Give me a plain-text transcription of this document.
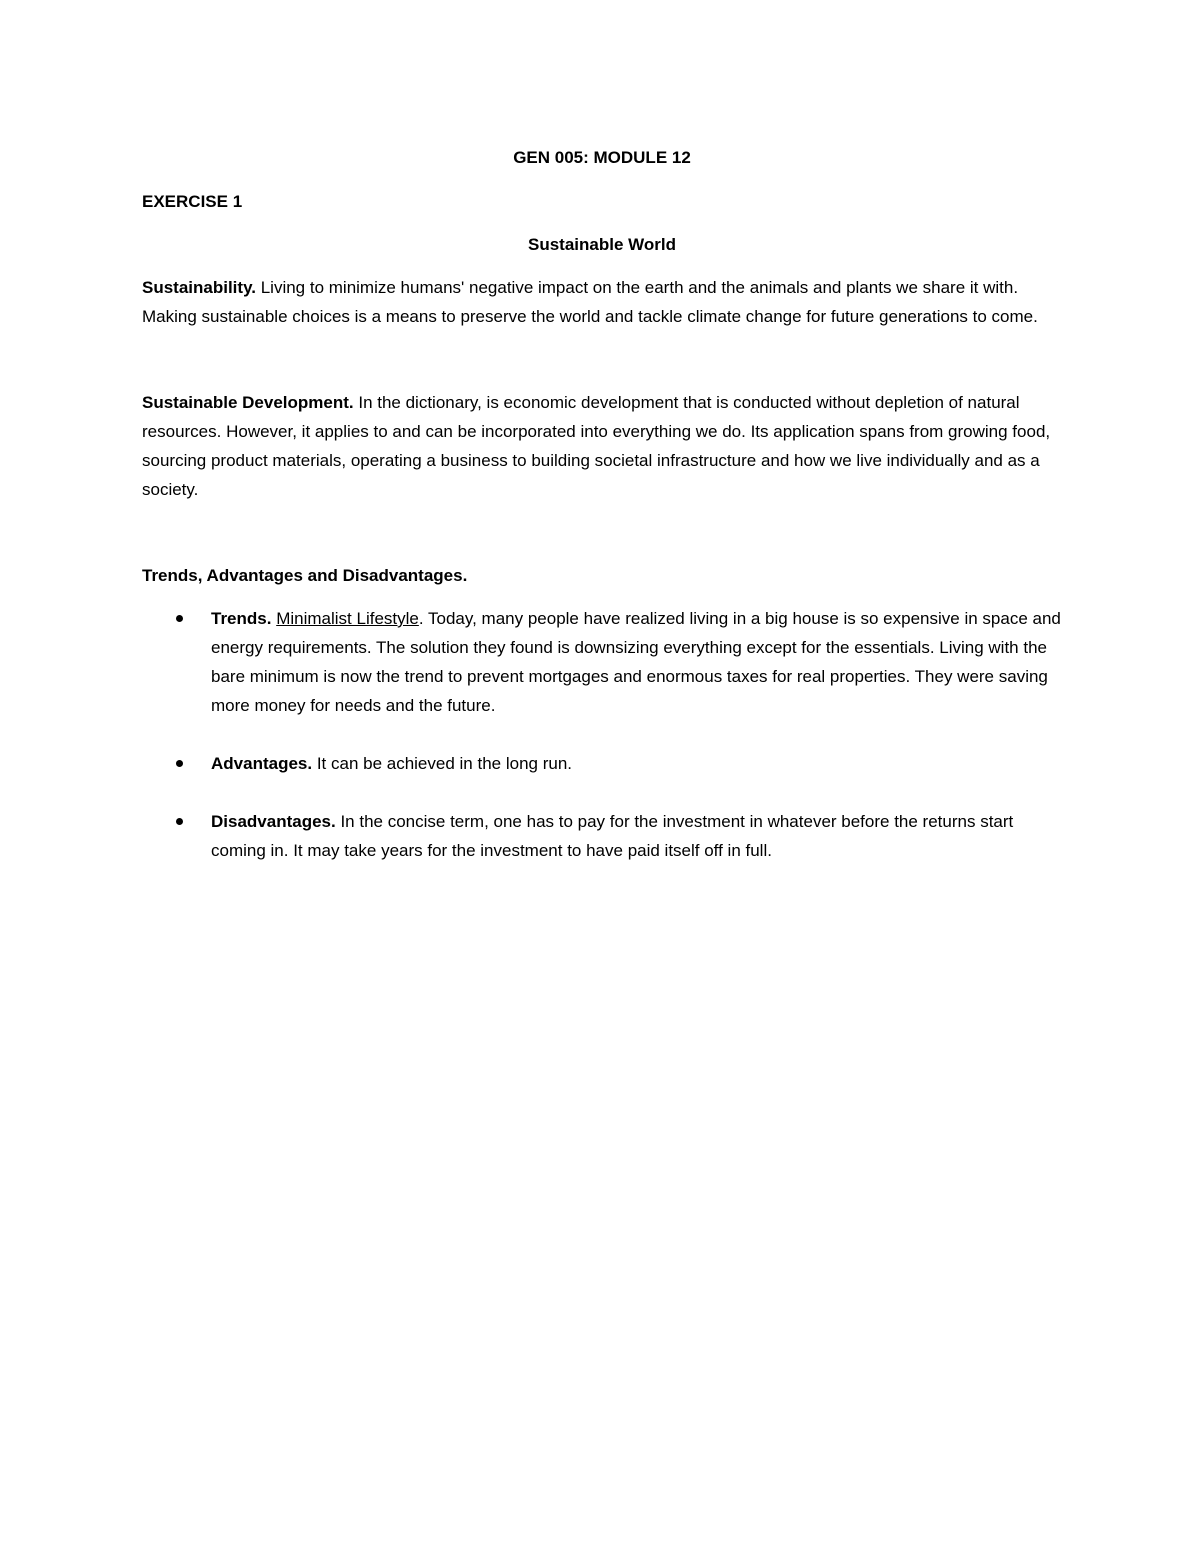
GEN 005: MODULE 12

EXERCISE 1

Sustainable World

Sustainability. Living to minimize humans' negative impact on the earth and the animals and plants we share it with. Making sustainable choices is a means to preserve the world and tackle climate change for future generations to come.

Sustainable Development. In the dictionary, is economic development that is conducted without depletion of natural resources. However, it applies to and can be incorporated into everything we do. Its application spans from growing food, sourcing product materials, operating a business to building societal infrastructure and how we live individually and as a society.

Trends, Advantages and Disadvantages.

Trends. Minimalist Lifestyle. Today, many people have realized living in a big house is so expensive in space and energy requirements. The solution they found is downsizing everything except for the essentials. Living with the bare minimum is now the trend to prevent mortgages and enormous taxes for real properties. They were saving more money for needs and the future.
Advantages. It can be achieved in the long run.
Disadvantages. In the concise term, one has to pay for the investment in whatever before the returns start coming in. It may take years for the investment to have paid itself off in full.
